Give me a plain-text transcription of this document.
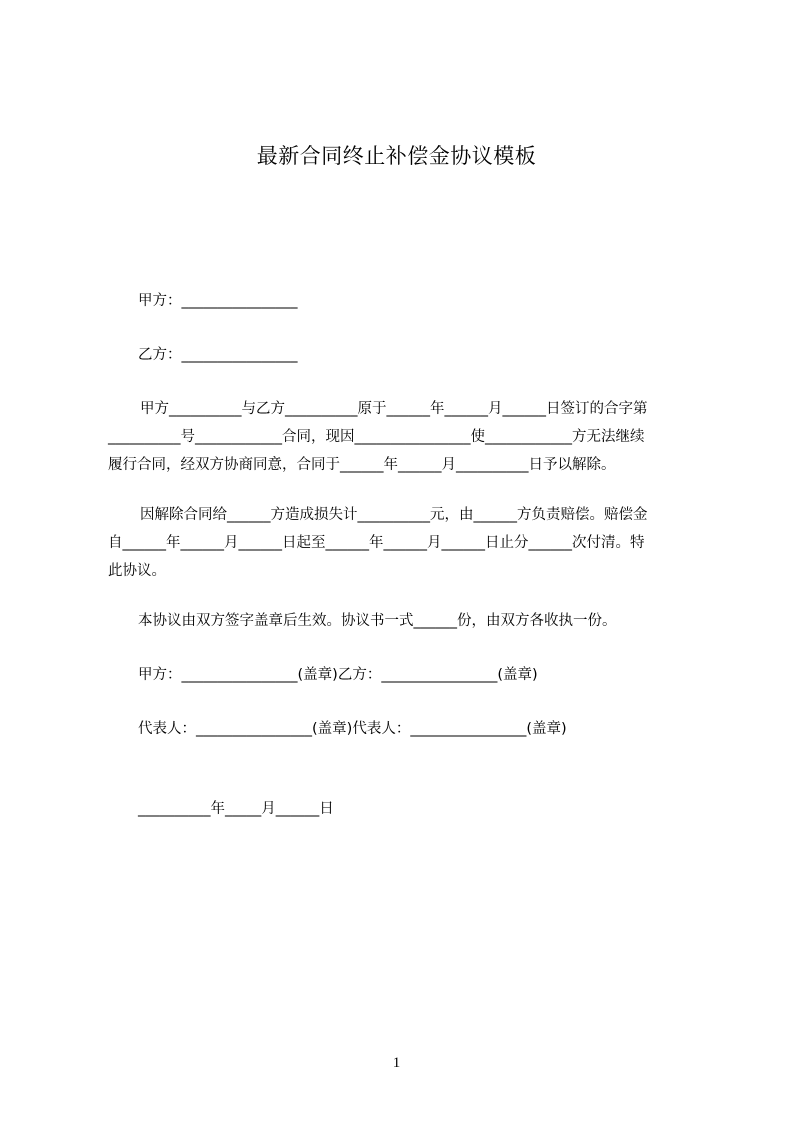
最新合同终止补偿金协议模板
甲方：________________
乙方：________________
甲方__________与乙方__________原于______年______月______日签订的合字第
__________号____________合同，现因________________使____________方无法继续
履行合同，经双方协商同意，合同于______年______月__________日予以解除。
因解除合同给______方造成损失计__________元，由______方负责赔偿。赔偿金
自______年______月______日起至______年______月______日止分______次付清。特
此协议。
本协议由双方签字盖章后生效。协议书一式______份，由双方各收执一份。
甲方：________________(盖章)乙方：________________(盖章)
代表人：________________(盖章)代表人：________________(盖章)
__________年_____月______日
1
